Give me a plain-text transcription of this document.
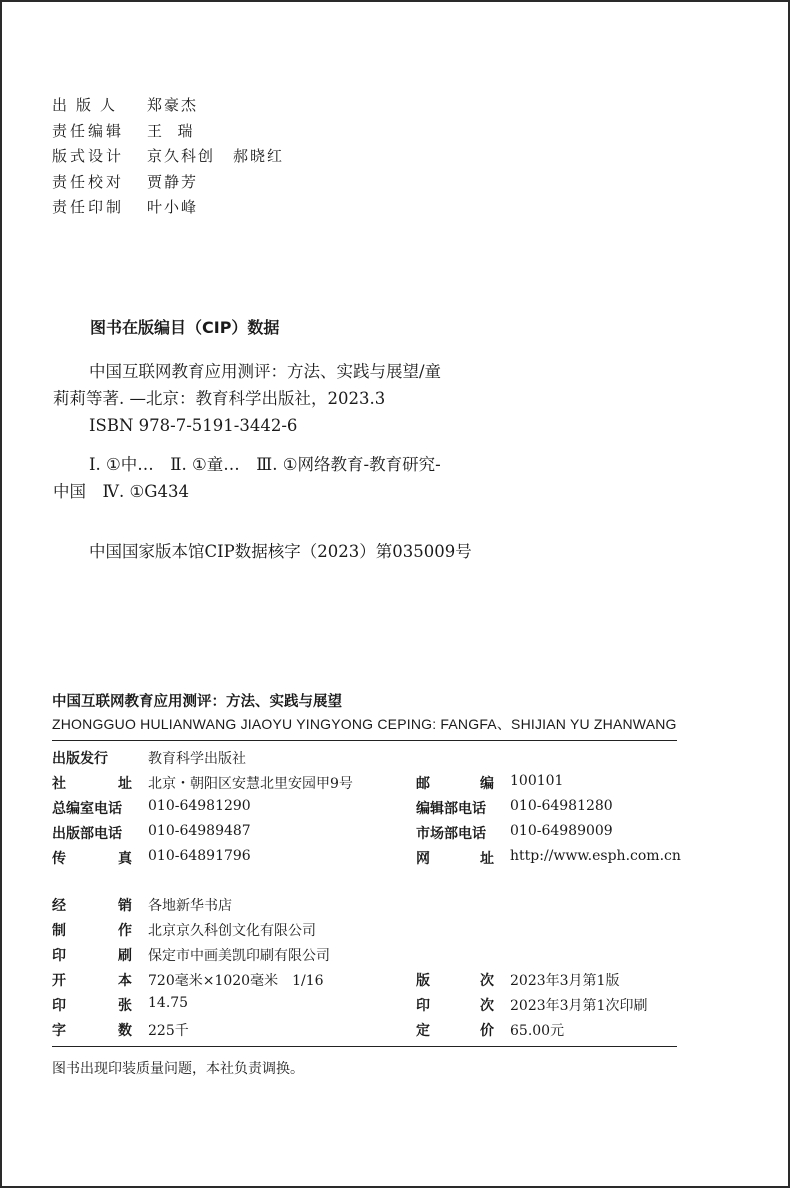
出版人	郑豪杰
责任编辑	王  瑞
版式设计	京久科创 郝晓红
责任校对	贾静芳
责任印制	叶小峰
图书在版编目（CIP）数据
中国互联网教育应用测评：方法、实践与展望/童
莉莉等著. —北京：教育科学出版社，2023.3
ISBN 978-7-5191-3442-6
Ⅰ. ①中…　Ⅱ. ①童…　Ⅲ. ①网络教育-教育研究-
中国　Ⅳ. ①G434
中国国家版本馆CIP数据核字（2023）第035009号
中国互联网教育应用测评：方法、实践与展望
ZHONGGUO HULIANWANG JIAOYU YINGYONG CEPING: FANGFA、SHIJIAN YU ZHANWANG
出版发行	教育科学出版社
社	址 北京・朝阳区安慧北里安园甲9号	邮	编 100101
总编室电话 010-64981290	编辑部电话 010-64981280
出版部电话 010-64989487	市场部电话 010-64989009
传	真 010-64891796	网	址 http://www.esph.com.cn
经	销 各地新华书店
制	作 北京京久科创文化有限公司
印	刷 保定市中画美凯印刷有限公司
开	本 720毫米×1020毫米　1/16	版	次 2023年3月第1版
印	张 14.75	印	次 2023年3月第1次印刷
字	数 225千	定	价 65.00元
图书出现印装质量问题，本社负责调换。
